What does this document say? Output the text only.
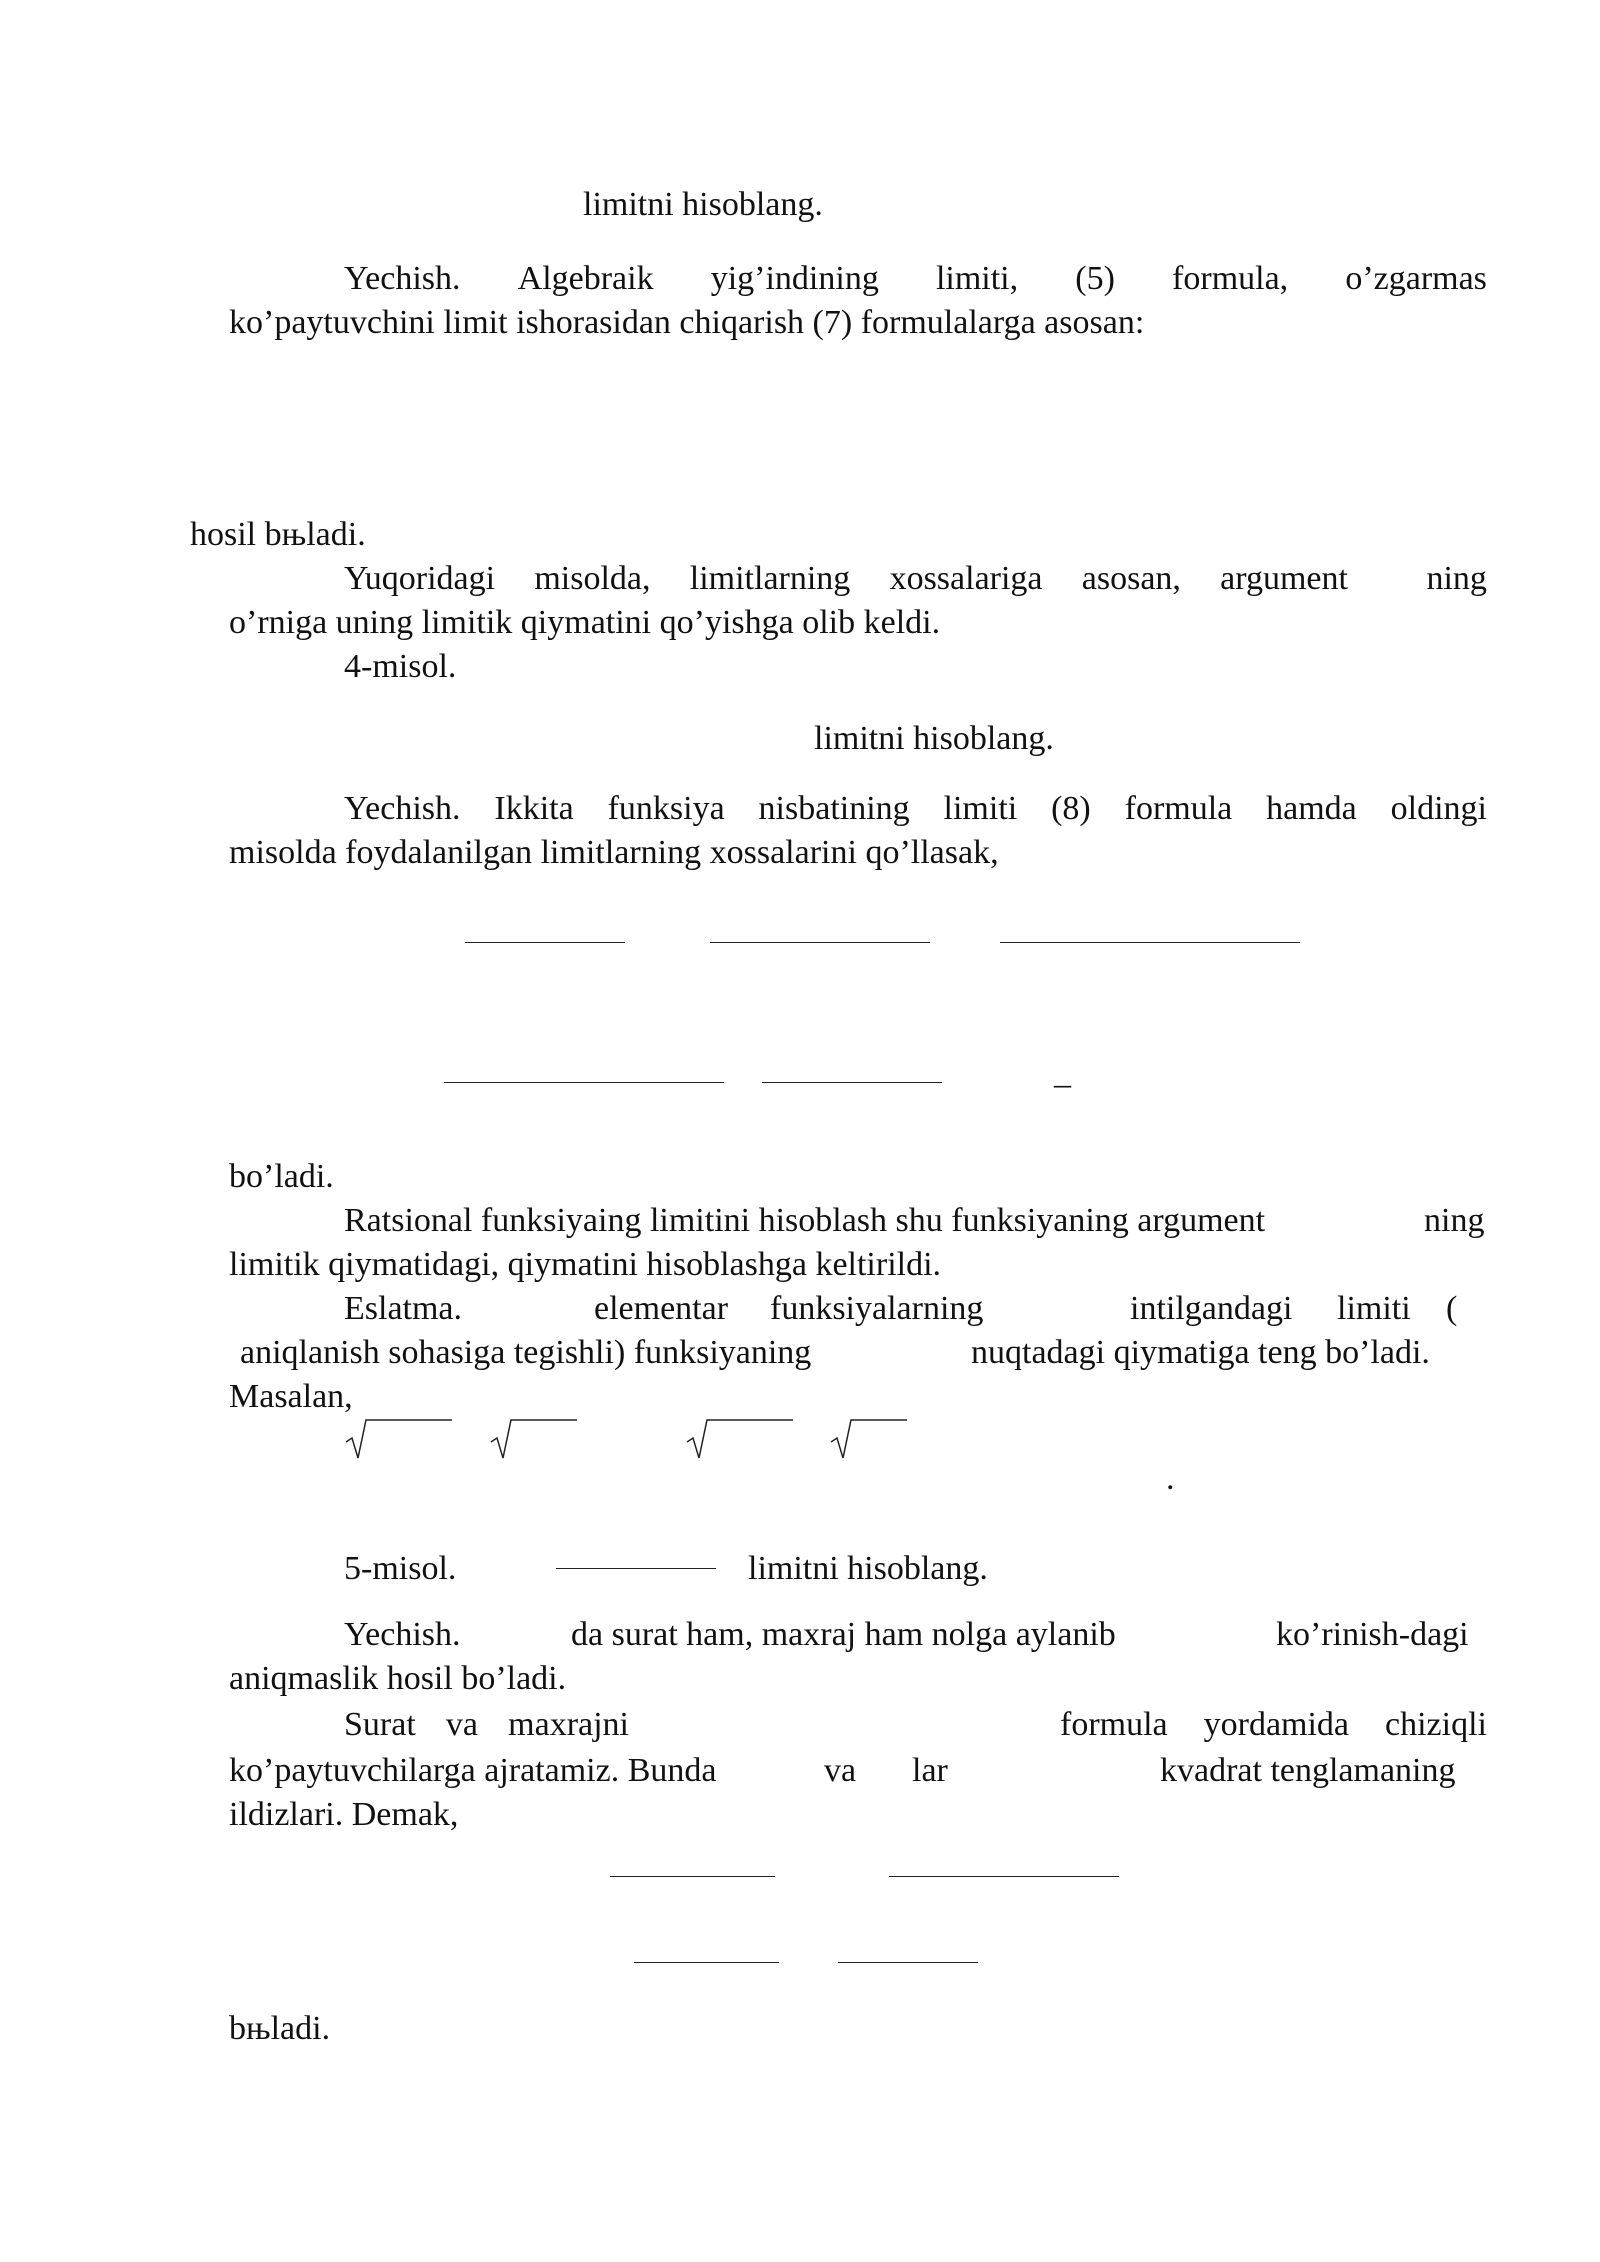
limitni hisoblang.
Yechish. Algebraik yig’indining limiti, (5) formula, o’zgarmas
ko’paytuvchini limit ishorasidan chiqarish (7) formulalarga asosan:
hosil bњladi.
Yuqoridagi misolda, limitlarning xossalariga asosan, argument ning
o’rniga uning limitik qiymatini qo’yishga olib keldi.
4-misol.
limitni hisoblang.
Yechish. Ikkita funksiya nisbatining limiti (8) formula hamda oldingi
misolda foydalanilgan limitlarning xossalarini qo’llasak,
_
bo’ladi.
Ratsional funksiyaing limitini hisoblash shu funksiyaning argument	ning
limitik qiymatidagi, qiymatini hisoblashga keltirildi.
Eslatma.	elementar funksiyalarning	intilgandagi limiti (
aniqlanish sohasiga tegishli) funksiyaning	nuqtadagi qiymatiga teng bo’ladi.
Masalan,
.
5-misol.	limitni hisoblang.
Yechish.	da surat ham, maxraj ham nolga aylanib	ko’rinish-dagi
aniqmaslik hosil bo’ladi.
Surat va maxrajni	formula yordamida chiziqli
ko’paytuvchilarga ajratamiz. Bunda	va lar	kvadrat tenglamaning
ildizlari. Demak,
bњladi.
